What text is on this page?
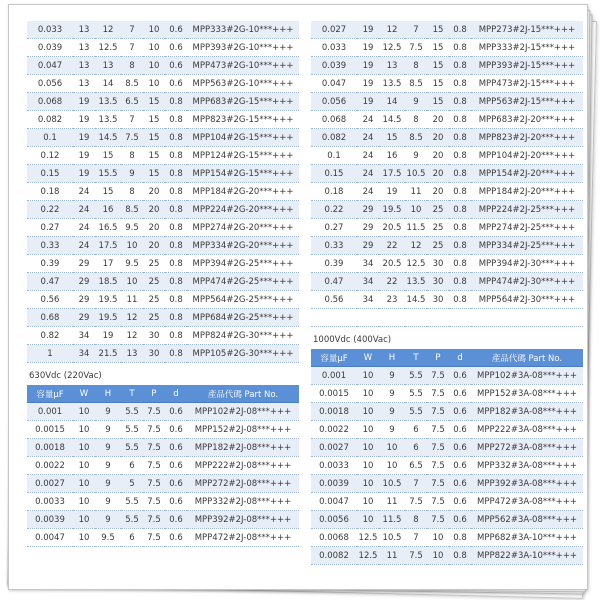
0.033	13	12	7	10	0.6	MPP333#2G-10***+++
0.039	13	12.5	7	10	0.6	MPP393#2G-10***+++
0.047	13	13	8	10	0.6	MPP473#2G-10***+++
0.056	13	14	8.5	10	0.6	MPP563#2G-10***+++
0.068	19	13.5	6.5	15	0.8	MPP683#2G-15***+++
0.082	19	13.5	7	15	0.8	MPP823#2G-15***+++
0.1	19	14.5	7.5	15	0.8	MPP104#2G-15***+++
0.12	19	15	8	15	0.8	MPP124#2G-15***+++
0.15	19	15.5	9	15	0.8	MPP154#2G-15***+++
0.18	24	15	8	20	0.8	MPP184#2G-20***+++
0.22	24	16	8.5	20	0.8	MPP224#2G-20***+++
0.27	24	16.5	9.5	20	0.8	MPP274#2G-20***+++
0.33	24	17.5	10	20	0.8	MPP334#2G-20***+++
0.39	29	17	9.5	25	0.8	MPP394#2G-25***+++
0.47	29	18.5	10	25	0.8	MPP474#2G-25***+++
0.56	29	19.5	11	25	0.8	MPP564#2G-25***+++
0.68	29	19.5	12	25	0.8	MPP684#2G-25***+++
0.82	34	19	12	30	0.8	MPP824#2G-30***+++
1	34	21.5	13	30	0.8	MPP105#2G-30***+++
630Vdc (220Vac)
容量μF	W	H	T	P	d	產品代碼 Part No.
0.001	10	9	5.5	7.5	0.6	MPP102#2J-08***+++
0.0015	10	9	5.5	7.5	0.6	MPP152#2J-08***+++
0.0018	10	9	5.5	7.5	0.6	MPP182#2J-08***+++
0.0022	10	9	6	7.5	0.6	MPP222#2J-08***+++
0.0027	10	9	5	7.5	0.6	MPP272#2J-08***+++
0.0033	10	9	5.5	7.5	0.6	MPP332#2J-08***+++
0.0039	10	9	5.5	7.5	0.6	MPP392#2J-08***+++
0.0047	10	9.5	6	7.5	0.6	MPP472#2J-08***+++
0.027	19	12	7	15	0.8	MPP273#2J-15***+++
0.033	19	12.5	7.5	15	0.8	MPP333#2J-15***+++
0.039	19	13	8	15	0.8	MPP393#2J-15***+++
0.047	19	13.5	8.5	15	0.8	MPP473#2J-15***+++
0.056	19	14	9	15	0.8	MPP563#2J-15***+++
0.068	24	14.5	8	20	0.8	MPP683#2J-20***+++
0.082	24	15	8.5	20	0.8	MPP823#2J-20***+++
0.1	24	16	9	20	0.8	MPP104#2J-20***+++
0.15	24	17.5	10.5	20	0.8	MPP154#2J-20***+++
0.18	24	19	11	20	0.8	MPP184#2J-20***+++
0.22	29	19.5	10	25	0.8	MPP224#2J-25***+++
0.27	29	20.5	11.5	25	0.8	MPP274#2J-25***+++
0.33	29	22	12	25	0.8	MPP334#2J-25***+++
0.39	34	20.5	12.5	30	0.8	MPP394#2J-30***+++
0.47	34	22	13.5	30	0.8	MPP474#2J-30***+++
0.56	34	23	14.5	30	0.8	MPP564#2J-30***+++

1000Vdc (400Vac)
容量μF	W	H	T	P	d	產品代碼 Part No.
0.001	10	9	5.5	7.5	0.6	MPP102#3A-08***+++
0.0015	10	9	5.5	7.5	0.6	MPP152#3A-08***+++
0.0018	10	9	5.5	7.5	0.6	MPP182#3A-08***+++
0.0022	10	9	6	7.5	0.6	MPP222#3A-08***+++
0.0027	10	10	6	7.5	0.6	MPP272#3A-08***+++
0.0033	10	10	6.5	7.5	0.6	MPP332#3A-08***+++
0.0039	10	10.5	7	7.5	0.6	MPP392#3A-08***+++
0.0047	10	11	7.5	7.5	0.6	MPP472#3A-08***+++
0.0056	10	11.5	8	7.5	0.6	MPP562#3A-08***+++
0.0068	12.5	10.5	7	10	0.8	MPP682#3A-10***+++
0.0082	12.5	11	7.5	10	0.8	MPP822#3A-10***+++
